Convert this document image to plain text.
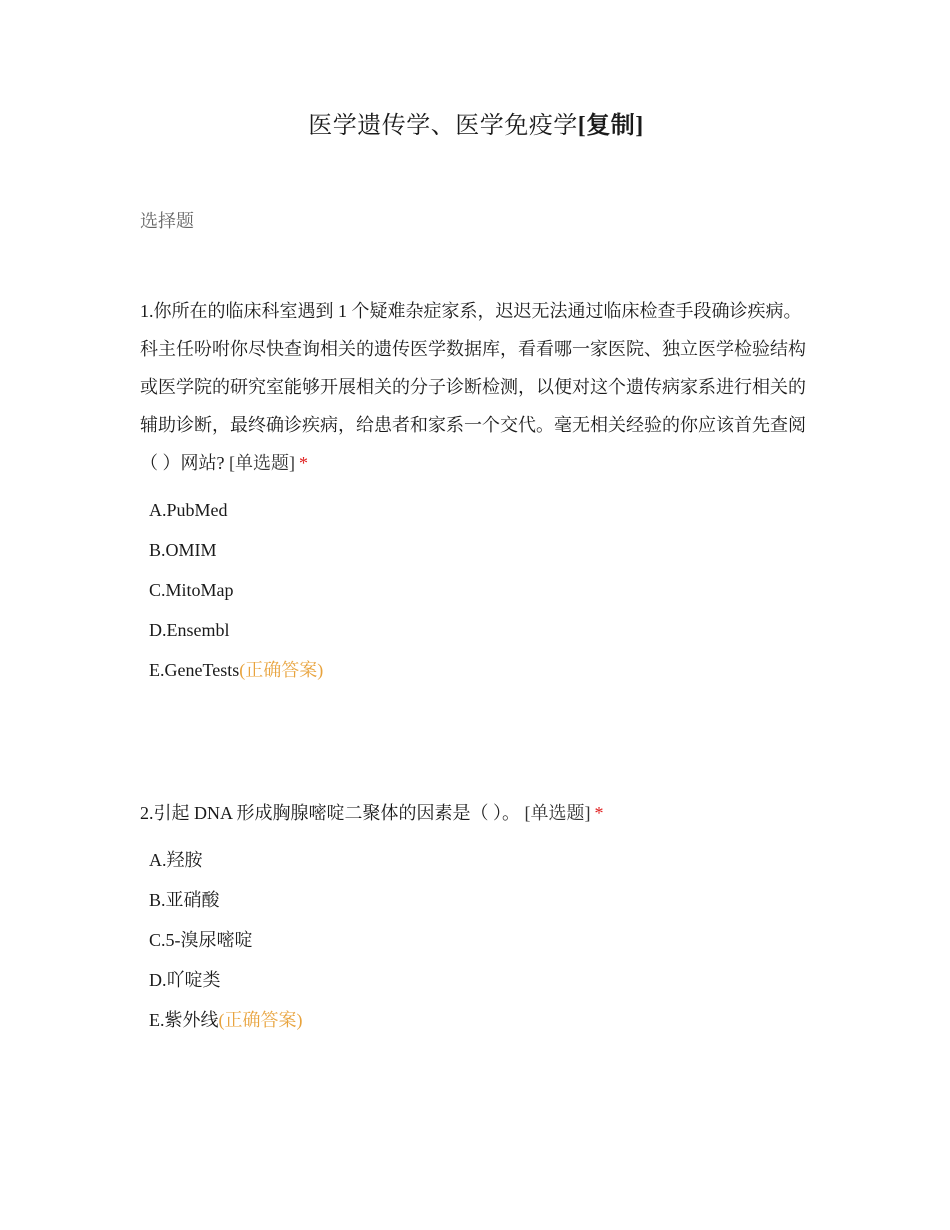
医学遗传学、医学免疫学[复制]
选择题

1.你所在的临床科室遇到 1 个疑难杂症家系，迟迟无法通过临床检查手段确诊疾病。科主任吩咐你尽快查询相关的遗传医学数据库，看看哪一家医院、独立医学检验结构或医学院的研究室能够开展相关的分子诊断检测，以便对这个遗传病家系进行相关的辅助诊断，最终确诊疾病，给患者和家系一个交代。毫无相关经验的你应该首先查阅（ ）网站? [单选题] *

A.PubMed
B.OMIM
C.MitoMap
D.Ensembl
E.GeneTests(正确答案)

2.引起 DNA 形成胸腺嘧啶二聚体的因素是（ ）。 [单选题] *

A.羟胺
B.亚硝酸
C.5-溴尿嘧啶
D.吖啶类
E.紫外线(正确答案)
